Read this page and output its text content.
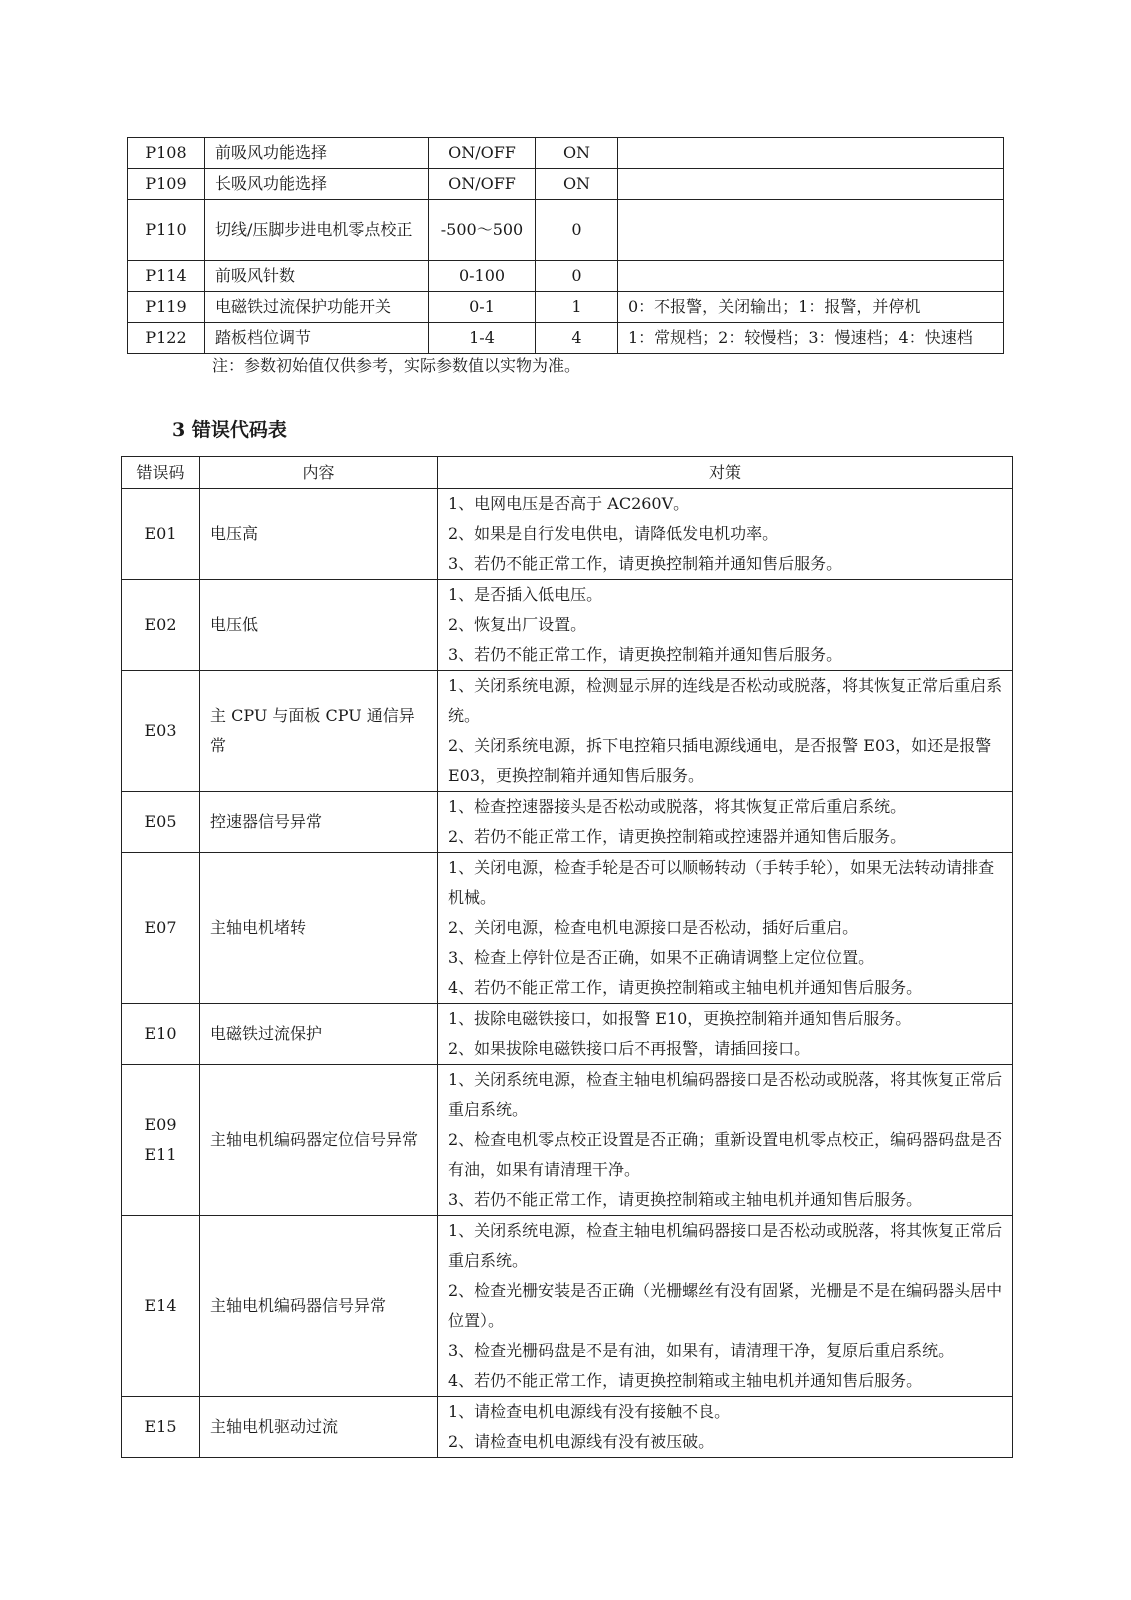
P108	前吸风功能选择	ON/OFF	ON	
P109	长吸风功能选择	ON/OFF	ON	
P110	切线/压脚步进电机零点校正	-500～500	0	
P114	前吸风针数	0-100	0	
P119	电磁铁过流保护功能开关	0-1	1	0：不报警，关闭输出；1：报警，并停机
P122	踏板档位调节	1-4	4	1：常规档；2：较慢档；3：慢速档；4：快速档
注：参数初始值仅供参考，实际参数值以实物为准。
3 错误代码表
错误码	内容	对策

E01	电压高	1、电网电压是否高于 AC260V。
2、如果是自行发电供电，请降低发电机功率。
3、若仍不能正常工作，请更换控制箱并通知售后服务。

E02	电压低	1、是否插入低电压。
2、恢复出厂设置。
3、若仍不能正常工作，请更换控制箱并通知售后服务。

E03	主 CPU 与面板 CPU 通信异常	1、关闭系统电源，检测显示屏的连线是否松动或脱落，将其恢复正常后重启系统。
2、关闭系统电源，拆下电控箱只插电源线通电，是否报警 E03，如还是报警 E03，更换控制箱并通知售后服务。

E05	控速器信号异常	1、检查控速器接头是否松动或脱落，将其恢复正常后重启系统。
2、若仍不能正常工作，请更换控制箱或控速器并通知售后服务。

E07	主轴电机堵转	1、关闭电源，检查手轮是否可以顺畅转动（手转手轮），如果无法转动请排查机械。
2、关闭电源，检查电机电源接口是否松动，插好后重启。
3、检查上停针位是否正确，如果不正确请调整上定位位置。
4、若仍不能正常工作，请更换控制箱或主轴电机并通知售后服务。

E10	电磁铁过流保护	1、拔除电磁铁接口，如报警 E10，更换控制箱并通知售后服务。
2、如果拔除电磁铁接口后不再报警，请插回接口。

E09
E11	主轴电机编码器定位信号异常	1、关闭系统电源，检查主轴电机编码器接口是否松动或脱落，将其恢复正常后重启系统。
2、检查电机零点校正设置是否正确；重新设置电机零点校正，编码器码盘是否有油，如果有请清理干净。
3、若仍不能正常工作，请更换控制箱或主轴电机并通知售后服务。

E14	主轴电机编码器信号异常	1、关闭系统电源，检查主轴电机编码器接口是否松动或脱落，将其恢复正常后重启系统。
2、检查光栅安装是否正确（光栅螺丝有没有固紧，光栅是不是在编码器头居中位置）。
3、检查光栅码盘是不是有油，如果有，请清理干净，复原后重启系统。
4、若仍不能正常工作，请更换控制箱或主轴电机并通知售后服务。

E15	主轴电机驱动过流	1、请检查电机电源线有没有接触不良。
2、请检查电机电源线有没有被压破。
